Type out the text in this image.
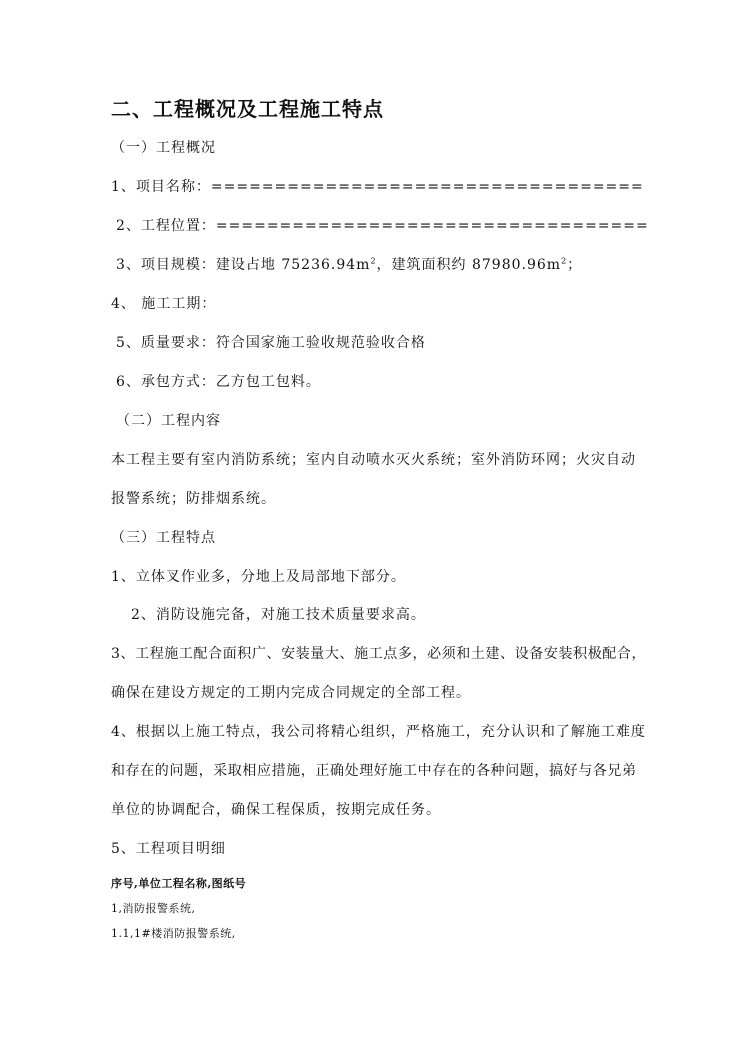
二、工程概况及工程施工特点
（一）工程概况
1、项目名称：==================================
2、工程位置：==================================
3、项目规模：建设占地 $75236.94m^2$，建筑面积约 $87980.96m^2$；
4、 施工工期：
5、质量要求：符合国家施工验收规范验收合格
6、承包方式：乙方包工包料。
（二）工程内容
本工程主要有室内消防系统；室内自动喷水灭火系统；室外消防环网；火灾自动
报警系统；防排烟系统。
（三）工程特点
1、立体叉作业多，分地上及局部地下部分。
2、消防设施完备，对施工技术质量要求高。
3、工程施工配合面积广、安装量大、施工点多，必须和土建、设备安装积极配合，
确保在建设方规定的工期内完成合同规定的全部工程。
4、根据以上施工特点，我公司将精心组织，严格施工，充分认识和了解施工难度
和存在的问题，采取相应措施，正确处理好施工中存在的各种问题，搞好与各兄弟
单位的协调配合，确保工程保质，按期完成任务。
5、工程项目明细
序号,单位工程名称,图纸号
1,消防报警系统,
1.1,1#楼消防报警系统,
